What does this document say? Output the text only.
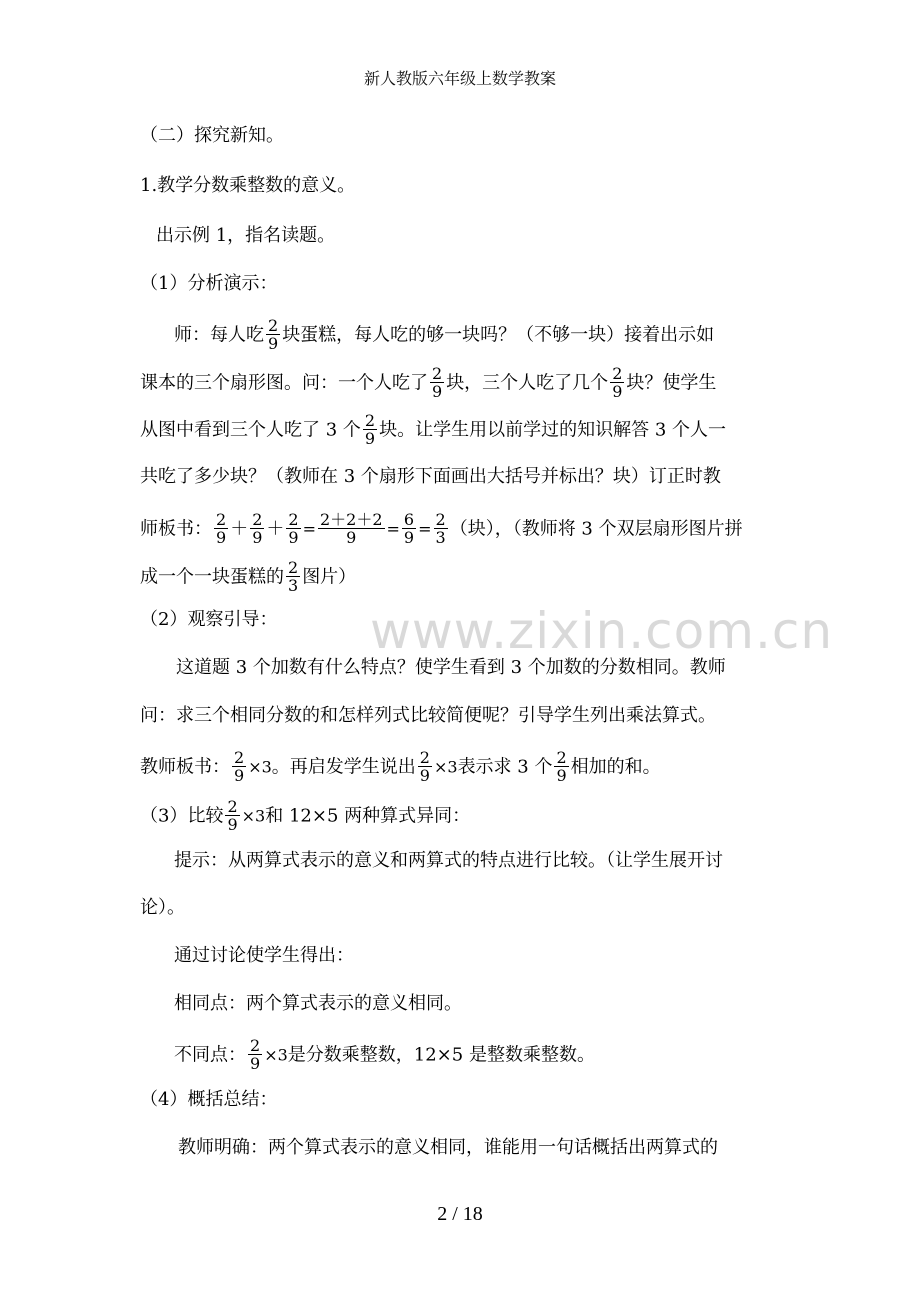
新人教版六年级上数学教案
www.zixin.com.cn
（二）探究新知。
1.教学分数乘整数的意义。
出示例 1，指名读题。
（1）分析演示：
师：每人吃 $\frac{2}{9}$ 块蛋糕，每人吃的够一块吗？（不够一块）接着出示如
课本的三个扇形图。问：一个人吃了 $\frac{2}{9}$ 块，三个人吃了几个 $\frac{2}{9}$ 块？使学生
从图中看到三个人吃了 3 个 $\frac{2}{9}$ 块。让学生用以前学过的知识解答 3 个人一
共吃了多少块？（教师在 3 个扇形下面画出大括号并标出？块）订正时教
师板书： $\frac{2}{9} + \frac{2}{9} + \frac{2}{9} = \frac{2+2+2}{9} = \frac{6}{9} = \frac{2}{3}$ （块），（教师将 3 个双层扇形图片拼
成一个一块蛋糕的 $\frac{2}{3}$ 图片）
（2）观察引导：
这道题 3 个加数有什么特点？使学生看到 3 个加数的分数相同。教师
问：求三个相同分数的和怎样列式比较简便呢？引导学生列出乘法算式。
教师板书： $\frac{2}{9} \times 3$。再启发学生说出 $\frac{2}{9} \times 3$表示求 3 个 $\frac{2}{9}$ 相加的和。
（3）比较 $\frac{2}{9} \times 3$和 12×5 两种算式异同：
提示：从两算式表示的意义和两算式的特点进行比较。（让学生展开讨
论）。
通过讨论使学生得出：
相同点：两个算式表示的意义相同。
不同点： $\frac{2}{9} \times 3$是分数乘整数，12×5 是整数乘整数。
（4）概括总结：
教师明确：两个算式表示的意义相同，谁能用一句话概括出两算式的
2 / 18
